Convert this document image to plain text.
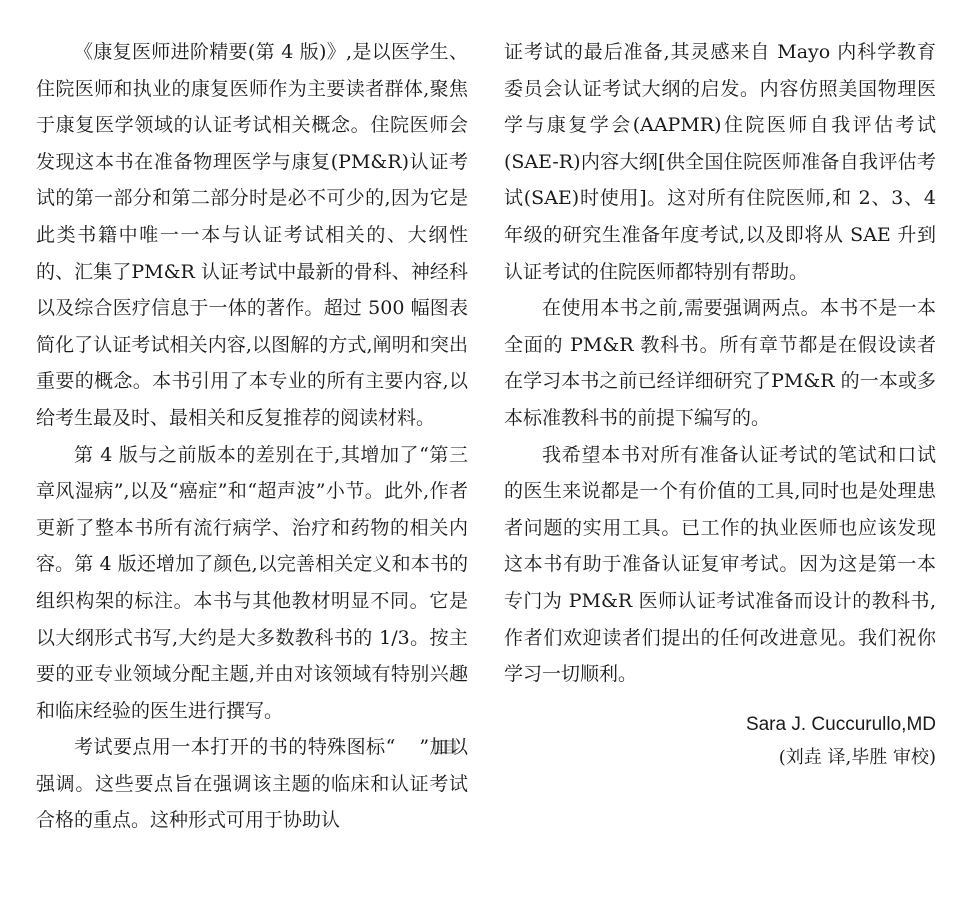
《康复医师进阶精要(第 4 版)》,是以医学生、住院医师和执业的康复医师作为主要读者群体,聚焦于康复医学领域的认证考试相关概念。住院医师会发现这本书在准备物理医学与康复(PM&R)认证考试的第一部分和第二部分时是必不可少的,因为它是此类书籍中唯一一本与认证考试相关的、大纲性的、汇集了PM&R 认证考试中最新的骨科、神经科以及综合医疗信息于一体的著作。超过 500 幅图表简化了认证考试相关内容,以图解的方式,阐明和突出重要的概念。本书引用了本专业的所有主要内容,以给考生最及时、最相关和反复推荐的阅读材料。

第 4 版与之前版本的差别在于,其增加了“第三章风湿病”,以及“癌症”和“超声波”小节。此外,作者更新了整本书所有流行病学、治疗和药物的相关内容。第 4 版还增加了颜色,以完善相关定义和本书的组织构架的标注。本书与其他教材明显不同。它是以大纲形式书写,大约是大多数教科书的 1/3。按主要的亚专业领域分配主题,并由对该领域有特别兴趣和临床经验的医生进行撰写。

考试要点用一本打开的书的特殊图标“ ”加以强调。这些要点旨在强调该主题的临床和认证考试合格的重点。这种形式可用于协助认

证考试的最后准备,其灵感来自 Mayo 内科学教育委员会认证考试大纲的启发。内容仿照美国物理医学与康复学会(AAPMR)住院医师自我评估考试(SAE-R)内容大纲[供全国住院医师准备自我评估考试(SAE)时使用]。这对所有住院医师,和 2、3、4 年级的研究生准备年度考试,以及即将从 SAE 升到认证考试的住院医师都特别有帮助。

在使用本书之前,需要强调两点。本书不是一本全面的 PM&R 教科书。所有章节都是在假设读者在学习本书之前已经详细研究了PM&R 的一本或多本标准教科书的前提下编写的。

我希望本书对所有准备认证考试的笔试和口试的医生来说都是一个有价值的工具,同时也是处理患者问题的实用工具。已工作的执业医师也应该发现这本书有助于准备认证复审考试。因为这是第一本专门为 PM&R 医师认证考试准备而设计的教科书,作者们欢迎读者们提出的任何改进意见。我们祝你学习一切顺利。

Sara J. Cuccurullo,MD
(刘垚 译,毕胜 审校)
